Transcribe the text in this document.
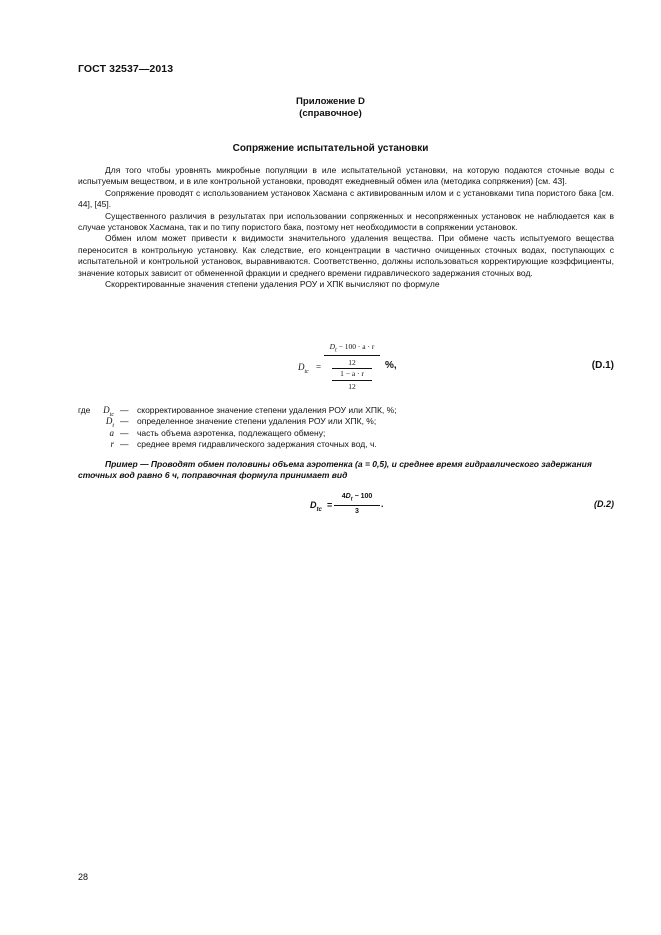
ГОСТ 32537—2013
Приложение D
(справочное)
Сопряжение испытательной установки

Для того чтобы уровнять микробные популяции в иле испытательной установки, на которую подаются сточные воды с испытуемым веществом, и в иле контрольной установки, проводят ежедневный обмен ила (методика сопряжения) [см. 43].

Сопряжение проводят с использованием установок Хасмана с активированным илом и с установками типа пористого бака [см. 44], [45].

Существенного различия в результатах при использовании сопряженных и несопряженных установок не наблюдается как в случае установок Хасмана, так и по типу пористого бака, поэтому нет необходимости в сопряжении установок.

Обмен илом может привести к видимости значительного удаления вещества. При обмене часть испытуемого вещества переносится в контрольную установку. Как следствие, его концентрации в частично очищенных сточных водах, поступающих с испытательной и контрольной установок, выравниваются. Соответственно, должны использоваться корректирующие коэффициенты, значение которых зависит от обмененной фракции и среднего времени гидравлического задержания сточных вод.

Скорректированные значения степени удаления РОУ и ХПК вычисляют по формуле

$D_{tc}$ =
$D_t - 100 \cdot a \cdot r$
12
1 − a · r
12
%,	(D.1)
где	$D_{tc}$ — скорректированное значение степени удаления РОУ или ХПК, %;
$D_t$ — определенное значение степени удаления РОУ или ХПК, %;
a — часть объема аэротенка, подлежащего обмену;
r — среднее время гидравлического задержания сточных вод, ч.

Пример — Проводят обмен половины объема аэротенка (а = 0,5), и среднее время гидравлического задержания сточных вод равно 6 ч, поправочная формула принимает вид

$D_{tc}$ =
$4D_t - 100$
3
.	(D.2)
28
